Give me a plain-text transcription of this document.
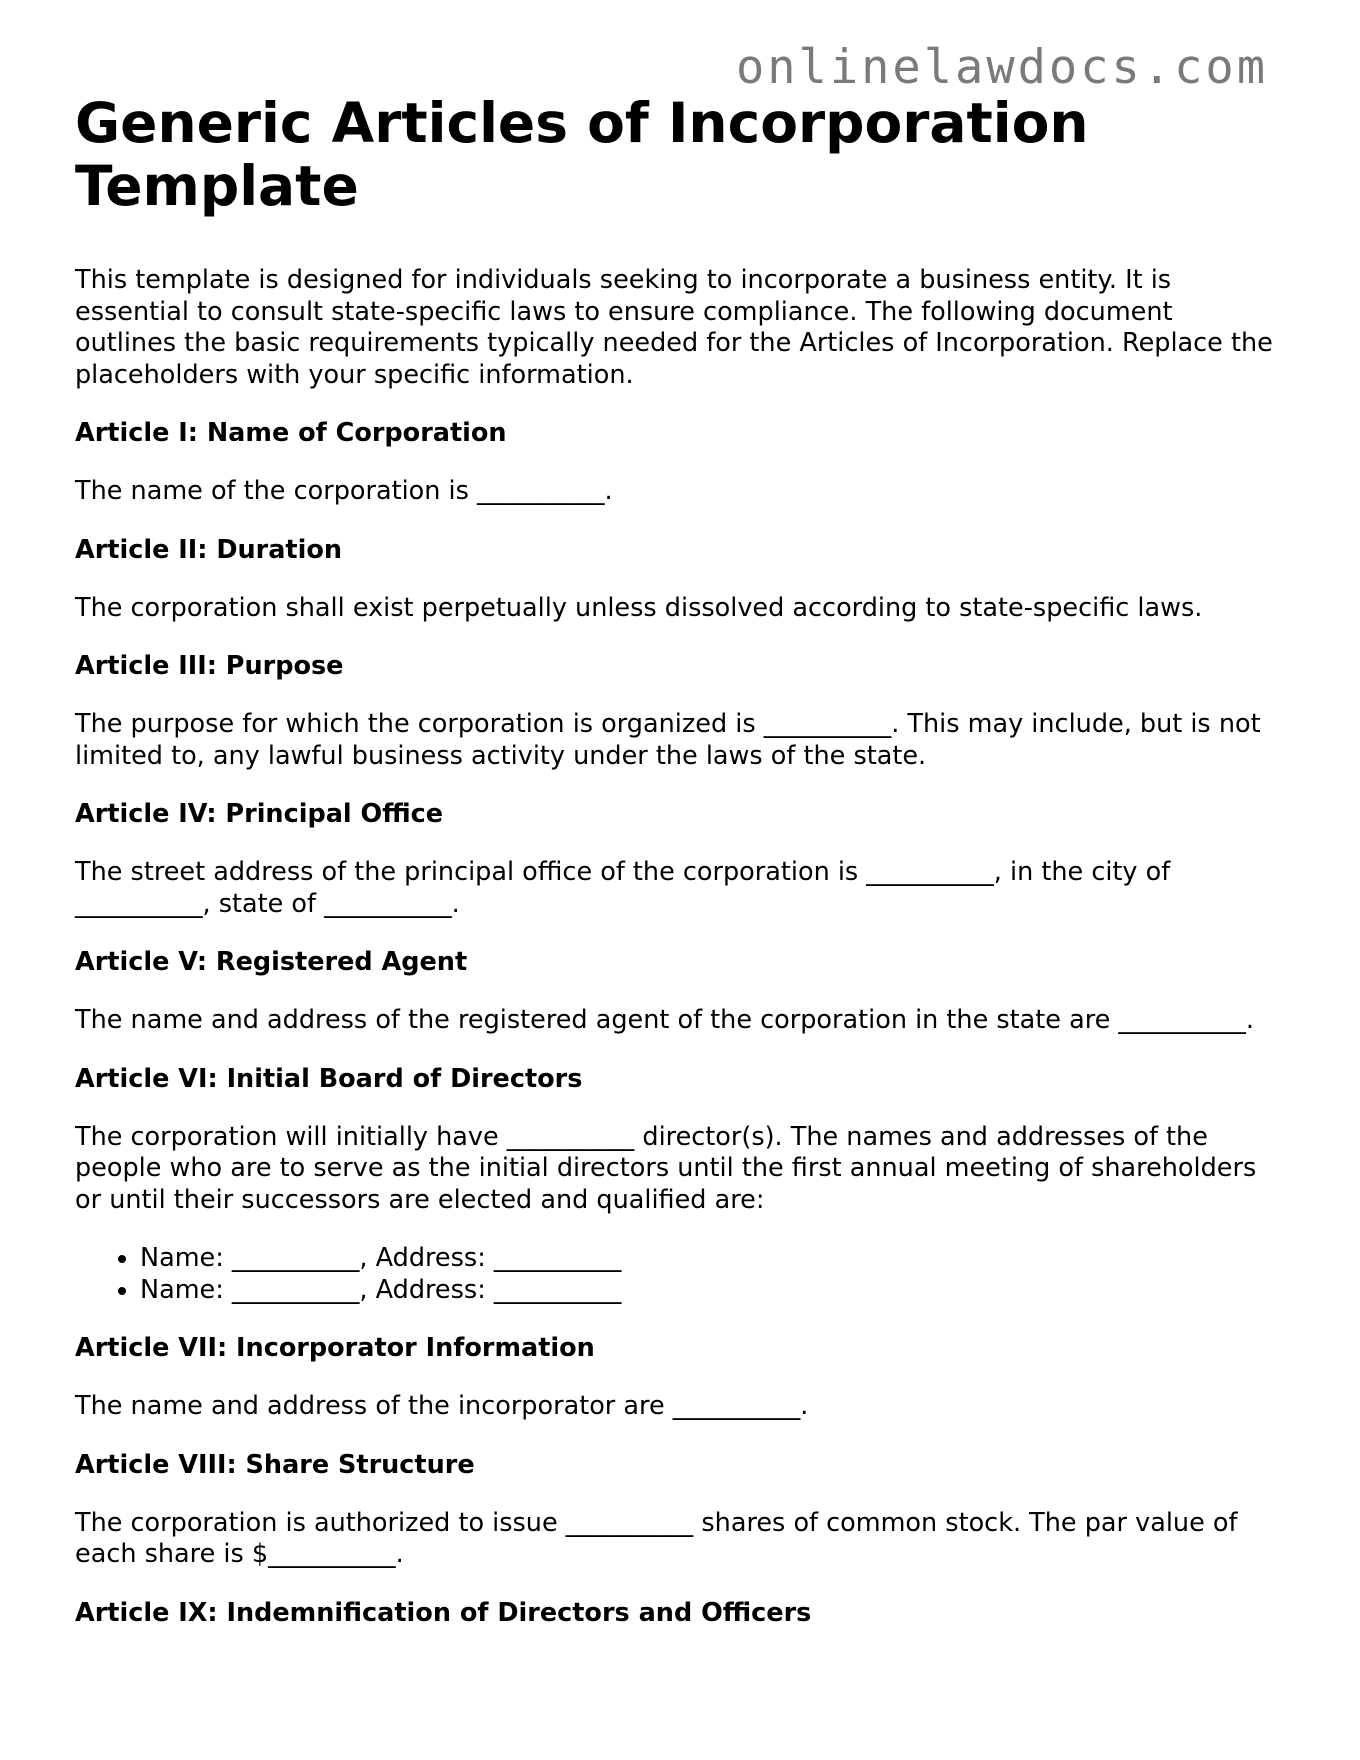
onlinelawdocs.com
Generic Articles of Incorporation Template

This template is designed for individuals seeking to incorporate a business entity. It is essential to consult state-specific laws to ensure compliance. The following document outlines the basic requirements typically needed for the Articles of Incorporation. Replace the placeholders with your specific information.

Article I: Name of Corporation

The name of the corporation is __________.

Article II: Duration

The corporation shall exist perpetually unless dissolved according to state-specific laws.

Article III: Purpose

The purpose for which the corporation is organized is __________. This may include, but is not limited to, any lawful business activity under the laws of the state.

Article IV: Principal Office

The street address of the principal office of the corporation is __________, in the city of __________, state of __________.

Article V: Registered Agent

The name and address of the registered agent of the corporation in the state are __________.

Article VI: Initial Board of Directors

The corporation will initially have __________ director(s). The names and addresses of the people who are to serve as the initial directors until the first annual meeting of shareholders or until their successors are elected and qualified are:

• Name: __________, Address: __________
• Name: __________, Address: __________
Article VII: Incorporator Information

The name and address of the incorporator are __________.

Article VIII: Share Structure

The corporation is authorized to issue __________ shares of common stock. The par value of each share is $__________.

Article IX: Indemnification of Directors and Officers
